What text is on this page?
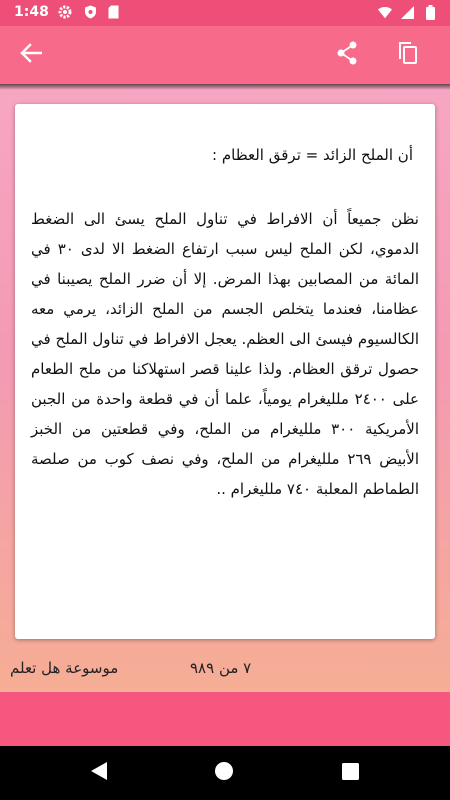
1:48
أن الملح الزائد = ترقق العظام :
نظن جميعاً أن الافراط في تناول الملح يسئ الى الضغط الدموي، لكن الملح ليس سبب ارتفاع الضغط الا لدى ٣٠ في المائة من المصابين بهذا المرض. إلا أن ضرر الملح يصيبنا في عظامنا، فعندما يتخلص الجسم من الملح الزائد، يرمي معه الكالسيوم فيسئ الى العظم. يعجل الافراط في تناول الملح في حصول ترقق العظام. ولذا علينا قصر استهلاكنا من ملح الطعام على ٢٤٠٠ ملليغرام يومياً، علما أن في قطعة واحدة من الجبن الأمريكية ٣٠٠ ملليغرام من الملح، وفي قطعتين من الخبز الأبيض ٢٦٩ ملليغرام من الملح، وفي نصف كوب من صلصة الطماطم المعلبة ٧٤٠ ملليغرام ..
موسوعة هل تعلم	٧ من ٩٨٩
